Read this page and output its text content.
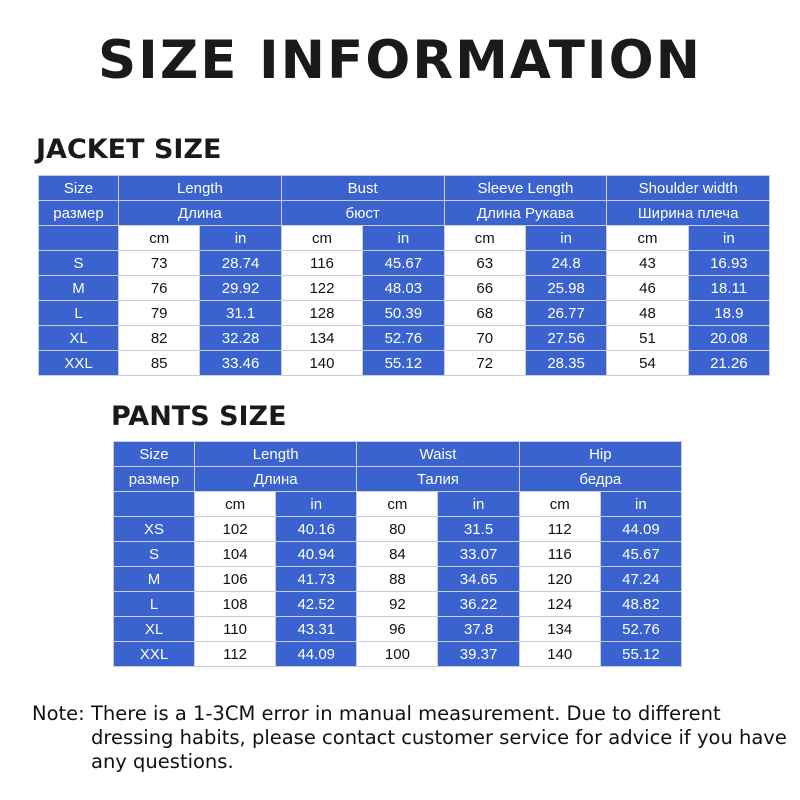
SIZE INFORMATION
JACKET SIZE
Size	Length		Bust		Sleeve Length		Shoulder width	
размер	Длина		бюст		Длина Рукава		Ширина плеча	
	cm	in	cm	in	cm	in	cm	in
S	73	28.74	116	45.67	63	24.8	43	16.93
M	76	29.92	122	48.03	66	25.98	46	18.11
L	79	31.1	128	50.39	68	26.77	48	18.9
XL	82	32.28	134	52.76	70	27.56	51	20.08
XXL	85	33.46	140	55.12	72	28.35	54	21.26
PANTS SIZE
Size	Length		Waist		Hip	
размер	Длина		Талия		бедра	
	cm	in	cm	in	cm	in
XS	102	40.16	80	31.5	112	44.09
S	104	40.94	84	33.07	116	45.67
M	106	41.73	88	34.65	120	47.24
L	108	42.52	92	36.22	124	48.82
XL	110	43.31	96	37.8	134	52.76
XXL	112	44.09	100	39.37	140	55.12
Note: There is a 1-3CM error in manual measurement. Due to different dressing habits, please contact customer service for advice if you have any questions.
